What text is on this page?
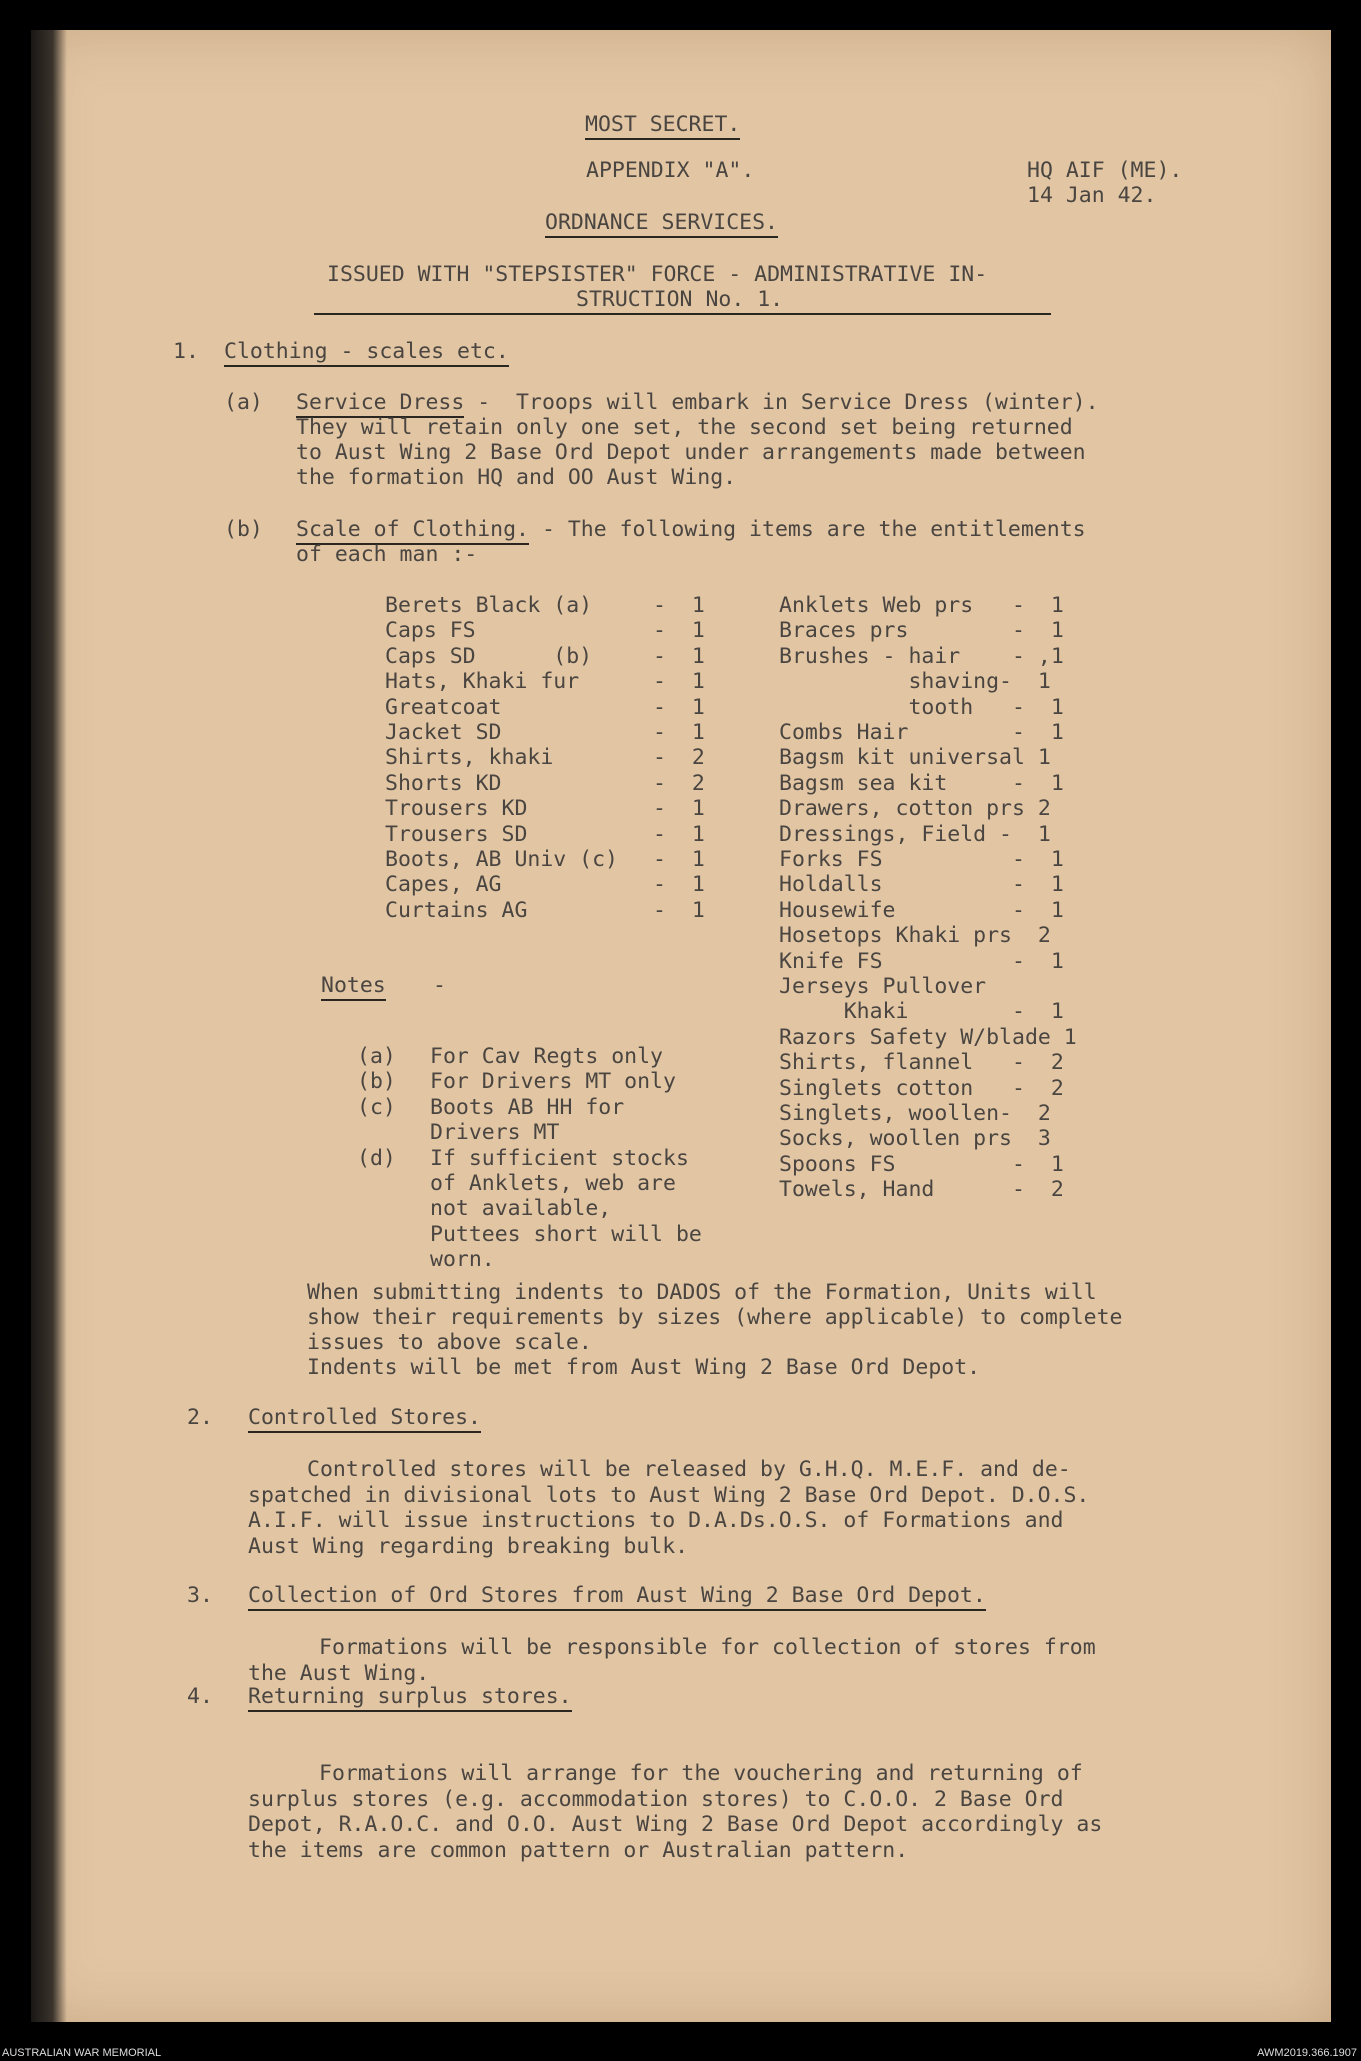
MOST SECRET.
APPENDIX "A".	HQ AIF (ME).
14 Jan 42.
ORDNANCE SERVICES.
ISSUED WITH "STEPSISTER" FORCE - ADMINISTRATIVE IN-
STRUCTION No. 1.
1. Clothing - scales etc.
(a) Service Dress -  Troops will embark in Service Dress (winter).
They will retain only one set, the second set being returned
to Aust Wing 2 Base Ord Depot under arrangements made between
the formation HQ and OO Aust Wing.
(b) Scale of Clothing. - The following items are the entitlements
of each man :-
Berets Black (a)	-  1
Caps FS	-  1
Caps SD      (b)	-  1
Hats, Khaki fur	-  1
Greatcoat	-  1
Jacket SD	-  1
Shirts, khaki	-  2
Shorts KD	-  2
Trousers KD	-  1
Trousers SD	-  1
Boots, AB Univ (c) -  1
Capes, AG	-  1
Curtains AG	-  1
Anklets Web prs   -  1
Braces prs        -  1
Brushes - hair    - ,1
shaving-  1
tooth   -  1
Combs Hair        -  1
Bagsm kit universal 1
Bagsm sea kit     -  1
Drawers, cotton prs 2
Dressings, Field -  1
Forks FS          -  1
Holdalls          -  1
Housewife         -  1
Hosetops Khaki prs  2
Knife FS          -  1
Jerseys Pullover
Khaki        -  1
Razors Safety W/blade 1
Shirts, flannel   -  2
Singlets cotton   -  2
Singlets, woollen-  2
Socks, woollen prs  3
Spoons FS         -  1
Towels, Hand      -  2
Notes -
(a) For Cav Regts only
(b) For Drivers MT only
(c) Boots AB HH for
Drivers MT
(d) If sufficient stocks
of Anklets, web are
not available,
Puttees short will be
worn.
When submitting indents to DADOS of the Formation, Units will
show their requirements by sizes (where applicable) to complete
issues to above scale.
Indents will be met from Aust Wing 2 Base Ord Depot.
2. Controlled Stores.
Controlled stores will be released by G.H.Q. M.E.F. and de-
spatched in divisional lots to Aust Wing 2 Base Ord Depot. D.O.S.
A.I.F. will issue instructions to D.A.Ds.O.S. of Formations and
Aust Wing regarding breaking bulk.
3. Collection of Ord Stores from Aust Wing 2 Base Ord Depot.
Formations will be responsible for collection of stores from
the Aust Wing.
4. Returning surplus stores.
Formations will arrange for the vouchering and returning of
surplus stores (e.g. accommodation stores) to C.O.O. 2 Base Ord
Depot, R.A.O.C. and O.O. Aust Wing 2 Base Ord Depot accordingly as
the items are common pattern or Australian pattern.
AUSTRALIAN WAR MEMORIAL	AWM2019.366.1907
